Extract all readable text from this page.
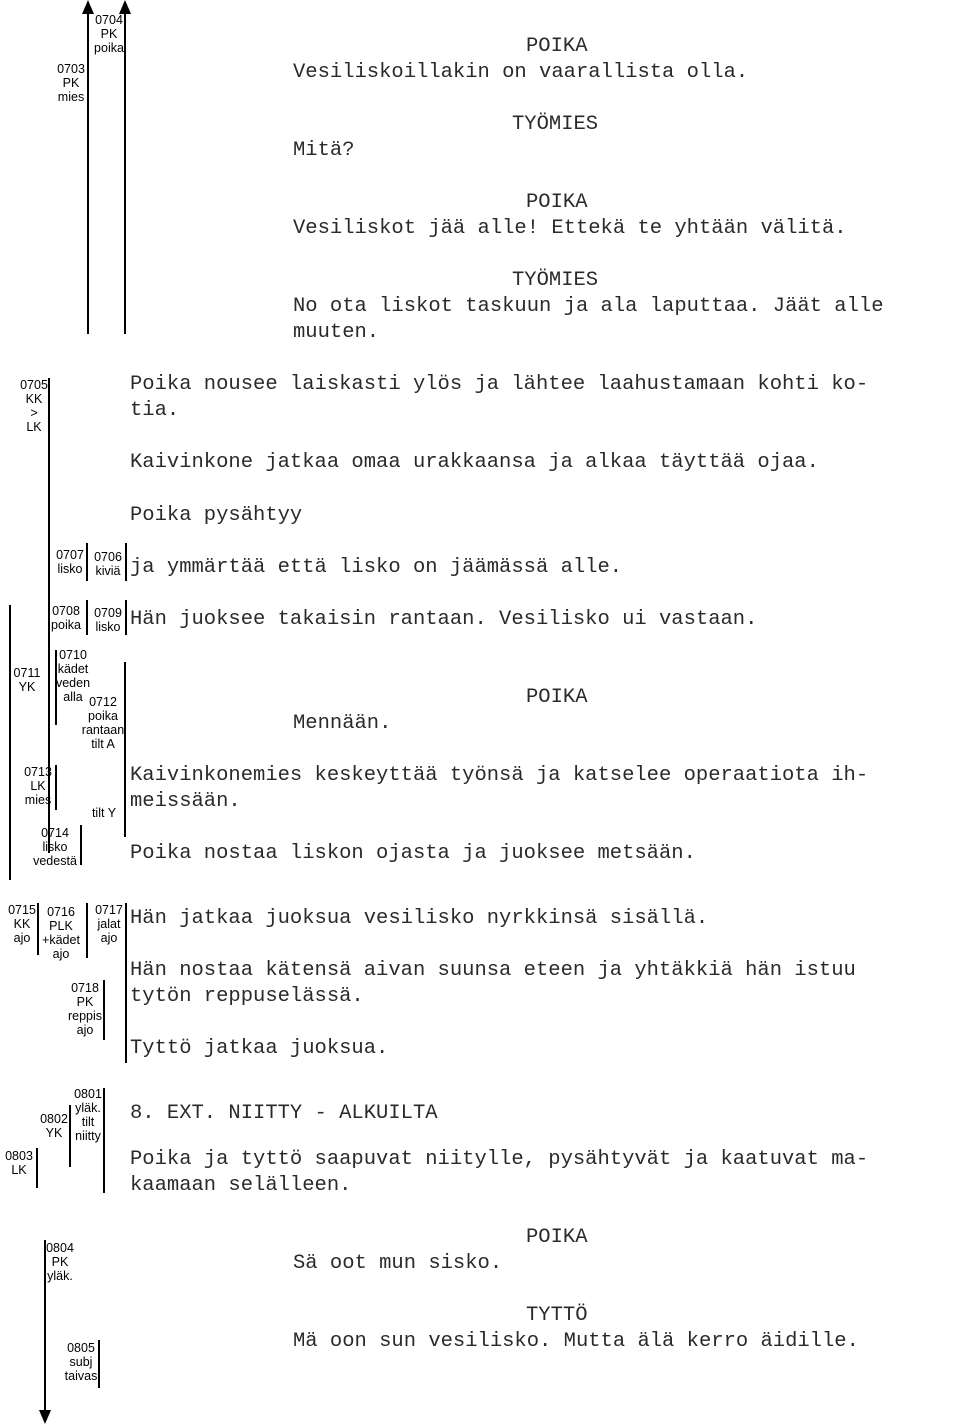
0703
PK
mies
0704
PK
poika
0705
KK
>
LK
0707
lisko
0706
kiviä
0708
poika
0709
lisko
0710
kädet
veden
alla
0711
YK
0712
poika
rantaan
tilt A
0713
LK
mies
tilt Y
0714
lisko
vedestä
0715
KK
ajo
0716
PLK
+kädet
ajo
0717
jalat
ajo
0718
PK
reppis
ajo
0801
yläk.
tilt
niitty
0802
YK
0803
LK
0804
PK
yläk.
0805
subj
taivas
POIKA
Vesiliskoillakin on vaarallista olla.
TYÖMIES
Mitä?
POIKA
Vesiliskot jää alle! Ettekä te yhtään välitä.
TYÖMIES
No ota liskot taskuun ja ala laputtaa. Jäät alle
muuten.
Poika nousee laiskasti ylös ja lähtee laahustamaan kohti ko-
tia.
Kaivinkone jatkaa omaa urakkaansa ja alkaa täyttää ojaa.
Poika pysähtyy
ja ymmärtää että lisko on jäämässä alle.
Hän juoksee takaisin rantaan. Vesilisko ui vastaan.
POIKA
Mennään.
Kaivinkonemies keskeyttää työnsä ja katselee operaatiota ih-
meissään.
Poika nostaa liskon ojasta ja juoksee metsään.
Hän jatkaa juoksua vesilisko nyrkkinsä sisällä.
Hän nostaa kätensä aivan suunsa eteen ja yhtäkkiä hän istuu
tytön reppuselässä.
Tyttö jatkaa juoksua.
8. EXT. NIITTY - ALKUILTA
Poika ja tyttö saapuvat niitylle, pysähtyvät ja kaatuvat ma-
kaamaan selälleen.
POIKA
Sä oot mun sisko.
TYTTÖ
Mä oon sun vesilisko. Mutta älä kerro äidille.
